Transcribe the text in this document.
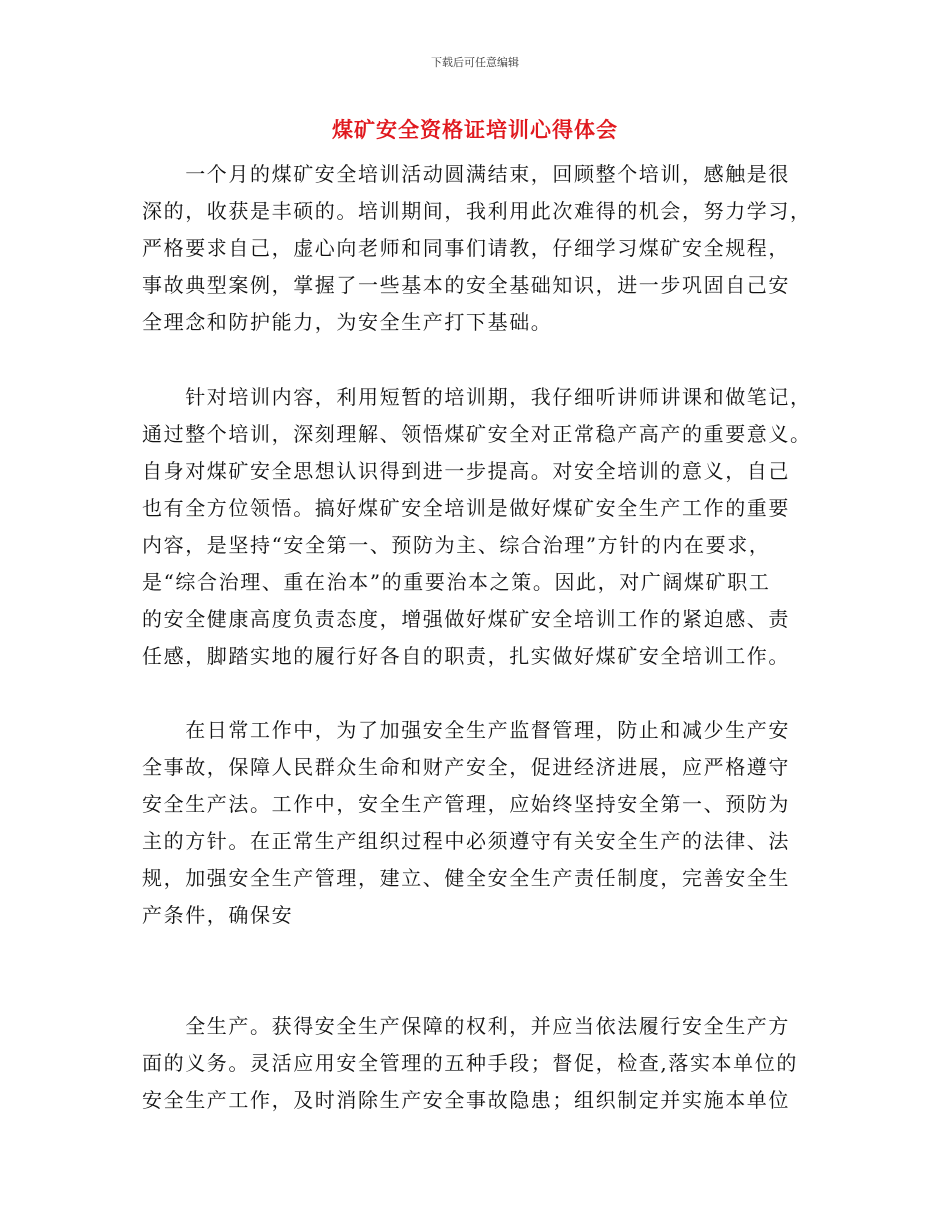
下载后可任意编辑
煤矿安全资格证培训心得体会
　　一个月的煤矿安全培训活动圆满结束，回顾整个培训，感触是很
深的，收获是丰硕的。培训期间，我利用此次难得的机会，努力学习，
严格要求自己，虚心向老师和同事们请教，仔细学习煤矿安全规程，
事故典型案例，掌握了一些基本的安全基础知识，进一步巩固自己安
全理念和防护能力，为安全生产打下基础。
　　针对培训内容，利用短暂的培训期，我仔细听讲师讲课和做笔记，
通过整个培训，深刻理解、领悟煤矿安全对正常稳产高产的重要意义。
自身对煤矿安全思想认识得到进一步提高。对安全培训的意义，自己
也有全方位领悟。搞好煤矿安全培训是做好煤矿安全生产工作的重要
内容，是坚持“安全第一、预防为主、综合治理”方针的内在要求，
是“综合治理、重在治本”的重要治本之策。因此，对广阔煤矿职工
的安全健康高度负责态度，增强做好煤矿安全培训工作的紧迫感、责
任感，脚踏实地的履行好各自的职责，扎实做好煤矿安全培训工作。
　　在日常工作中，为了加强安全生产监督管理，防止和减少生产安
全事故，保障人民群众生命和财产安全，促进经济进展，应严格遵守
安全生产法。工作中，安全生产管理，应始终坚持安全第一、预防为
主的方针。在正常生产组织过程中必须遵守有关安全生产的法律、法
规，加强安全生产管理，建立、健全安全生产责任制度，完善安全生
产条件，确保安
　　全生产。获得安全生产保障的权利，并应当依法履行安全生产方
面的义务。灵活应用安全管理的五种手段；督促，检查,落实本单位的
安全生产工作，及时消除生产安全事故隐患；组织制定并实施本单位
